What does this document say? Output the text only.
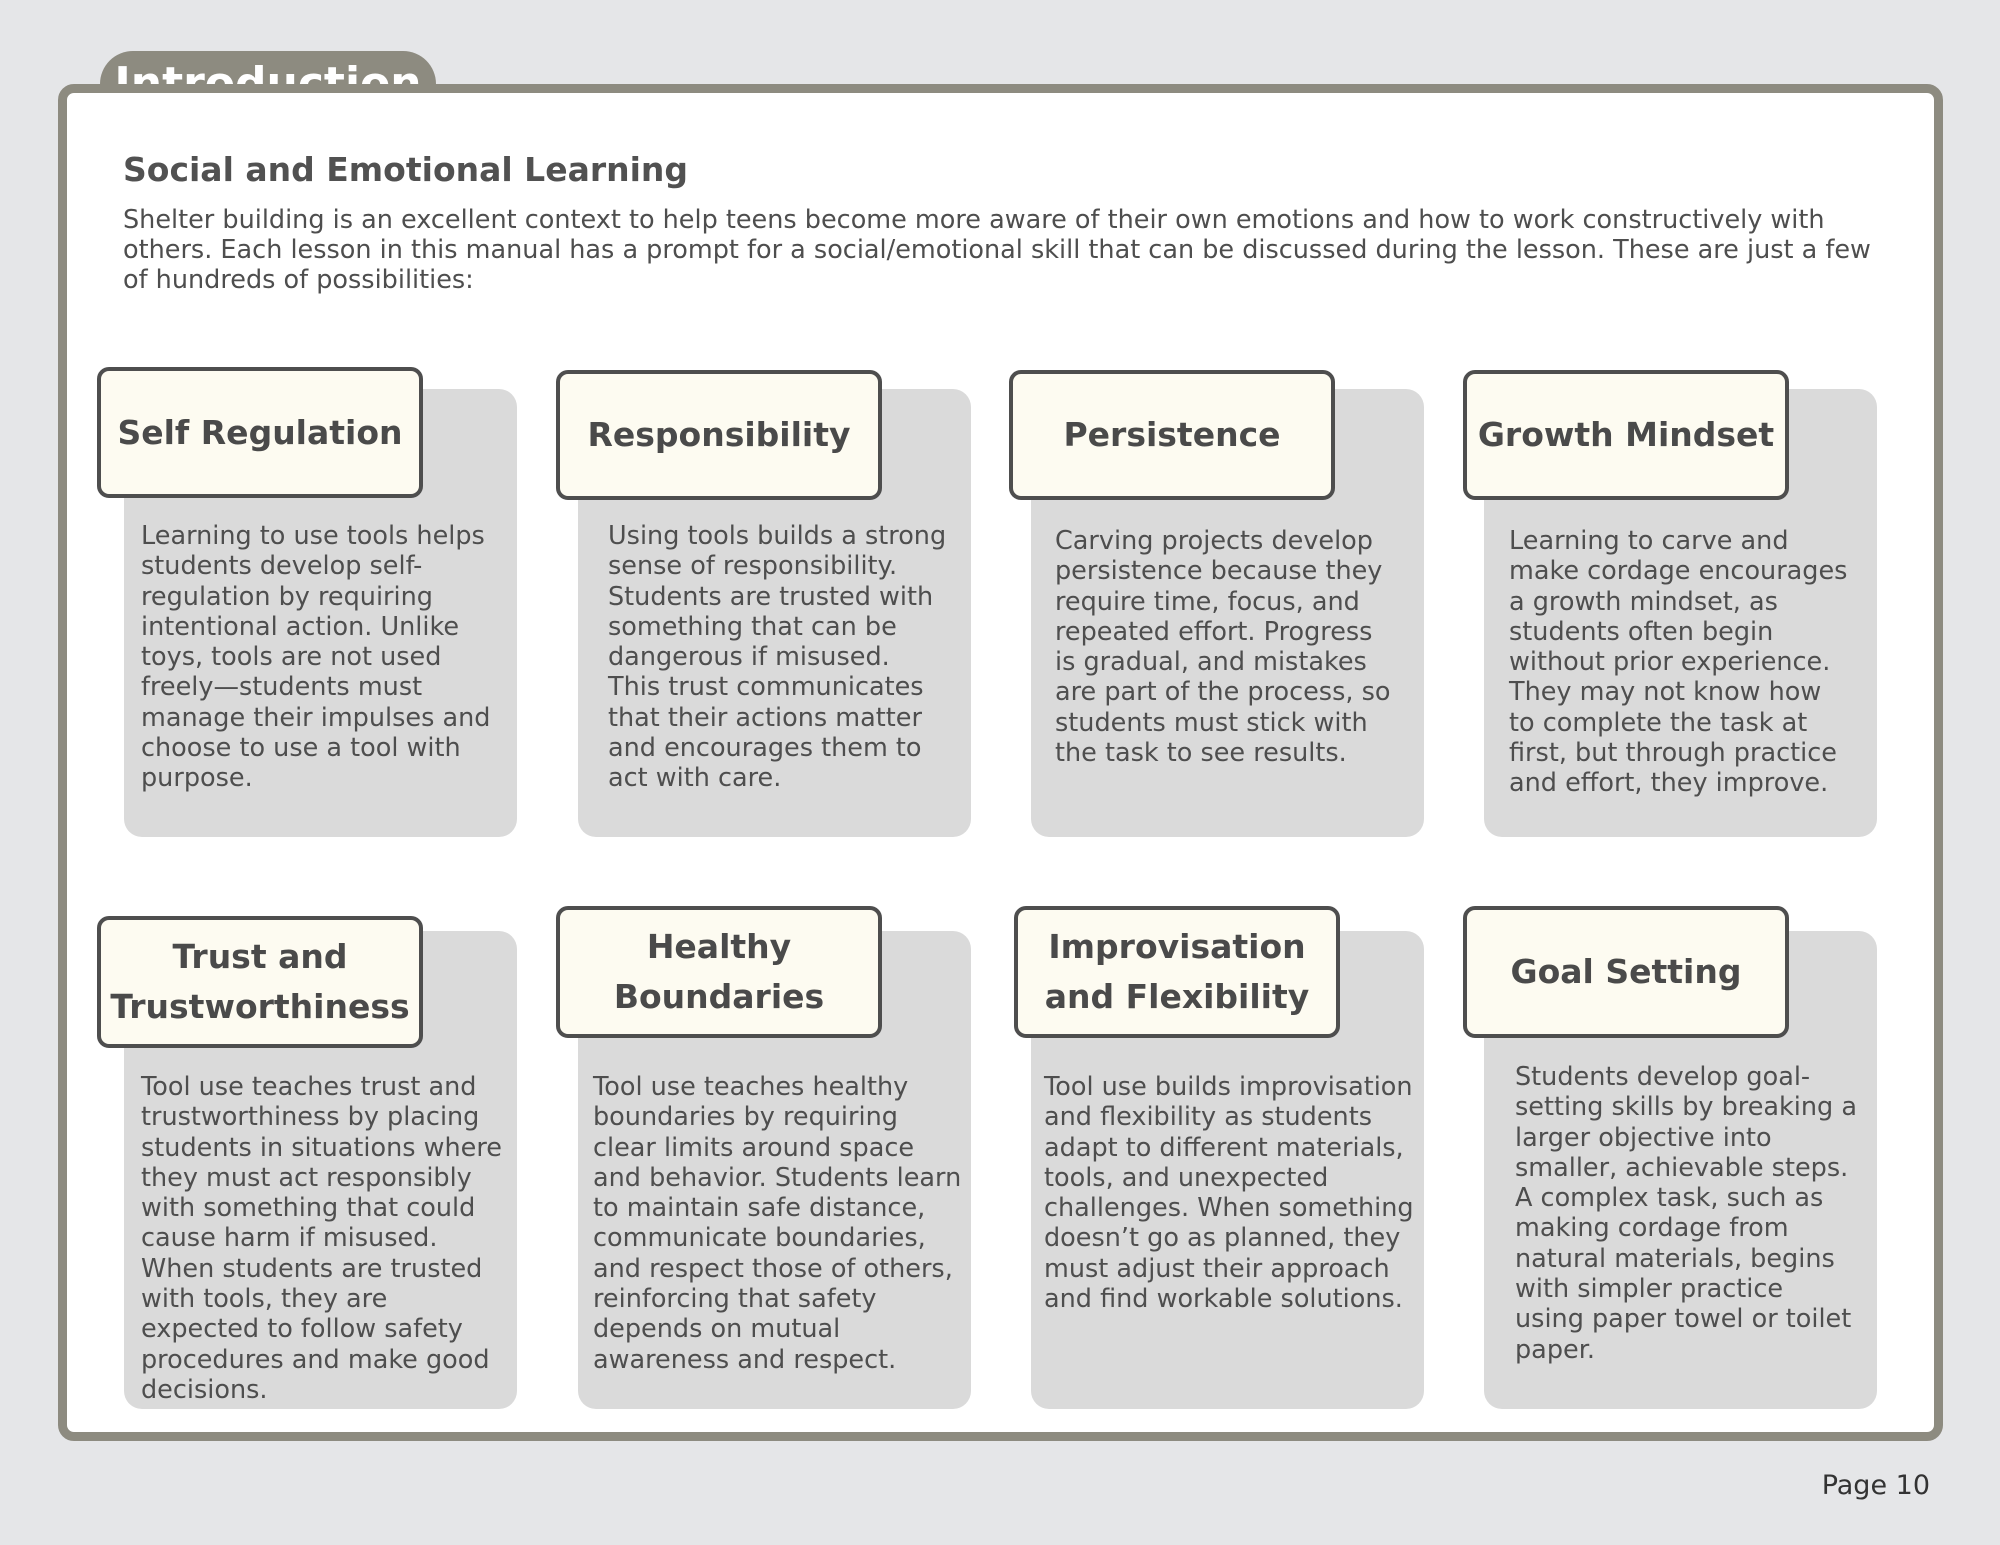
Social and Emotional Learning

Shelter building is an excellent context to help teens become more aware of their own emotions and how to work constructively with others. Each lesson in this manual has a prompt for a social/emotional skill that can be discussed during the lesson. These are just a few of hundreds of possibilities:

Self Regulation

Learning to use tools helps students develop self-regulation by requiring intentional action. Unlike toys, tools are not used freely—students must manage their impulses and choose to use a tool with purpose.

Responsibility

Using tools builds a strong sense of responsibility. Students are trusted with something that can be dangerous if misused. This trust communicates that their actions matter and encourages them to act with care.

Persistence

Carving projects develop persistence because they require time, focus, and repeated effort. Progress is gradual, and mistakes are part of the process, so students must stick with the task to see results.

Growth Mindset

Learning to carve and make cordage encourages a growth mindset, as students often begin without prior experience. They may not know how to complete the task at first, but through practice and effort, they improve.

Trust and Trustworthiness

Tool use teaches trust and trustworthiness by placing students in situations where they must act responsibly with something that could cause harm if misused. When students are trusted with tools, they are expected to follow safety procedures and make good decisions.

Healthy Boundaries

Tool use teaches healthy boundaries by requiring clear limits around space and behavior. Students learn to maintain safe distance, communicate boundaries, and respect those of others, reinforcing that safety depends on mutual awareness and respect.

Improvisation and Flexibility

Tool use builds improvisation and flexibility as students adapt to different materials, tools, and unexpected challenges. When something doesn’t go as planned, they must adjust their approach and find workable solutions.

Goal Setting

Students develop goal-setting skills by breaking a larger objective into smaller, achievable steps. A complex task, such as making cordage from natural materials, begins with simpler practice using paper towel or toilet paper.

Page 10
